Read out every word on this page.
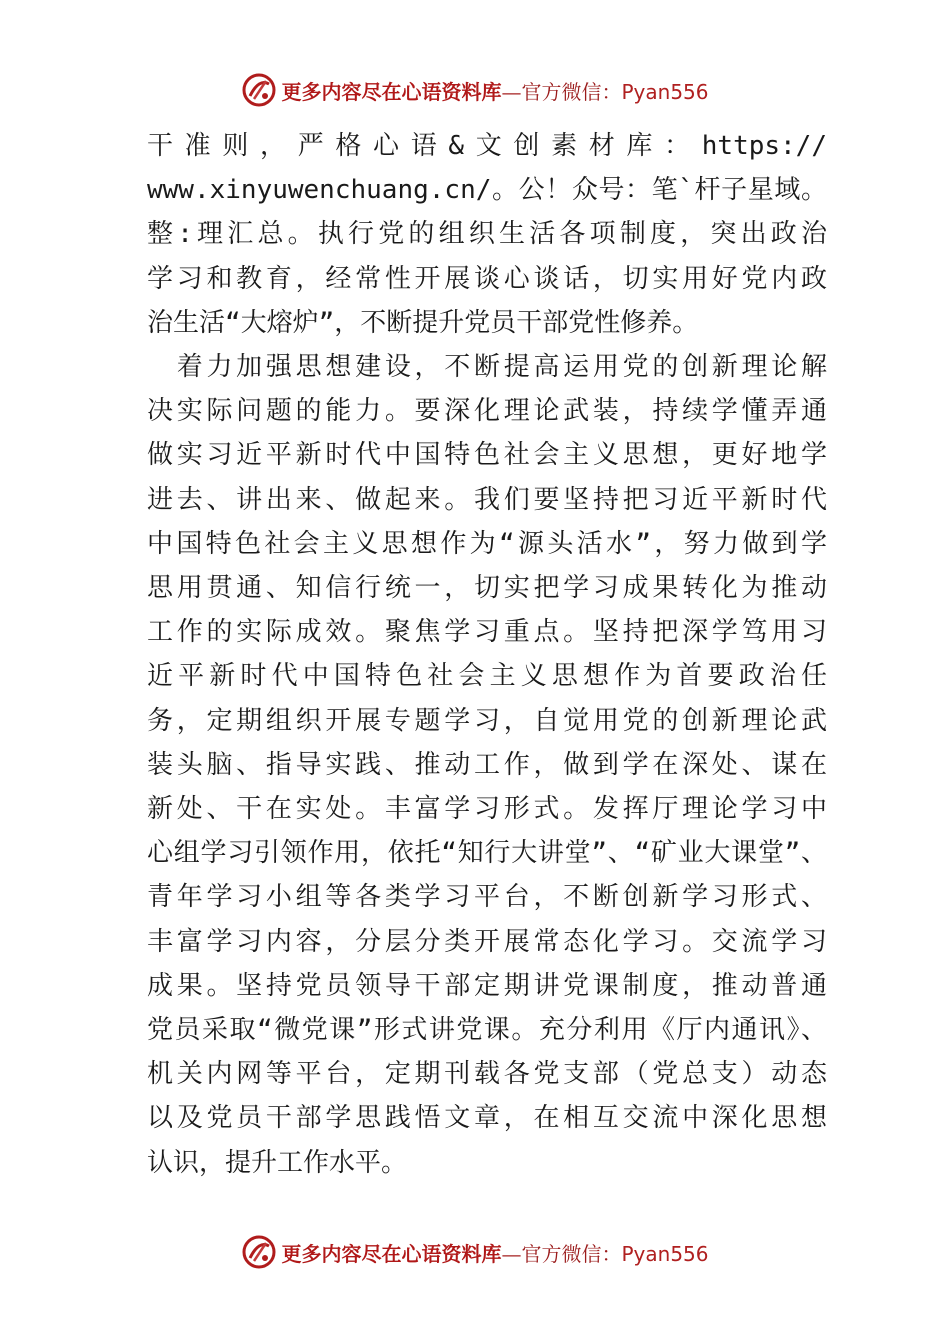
更多内容尽在心语资料库—官方微信：Pyan556

干准则，严格心语&文创素材库：https://
www.xinyuwenchuang.cn/。公！众号：笔`杆子星域。
整:理汇总。执行党的组织生活各项制度，突出政治
学习和教育，经常性开展谈心谈话，切实用好党内政
治生活“大熔炉”，不断提升党员干部党性修养。

　着力加强思想建设，不断提高运用党的创新理论解
决实际问题的能力。要深化理论武装，持续学懂弄通
做实习近平新时代中国特色社会主义思想，更好地学
进去、讲出来、做起来。我们要坚持把习近平新时代
中国特色社会主义思想作为“源头活水”，努力做到学
思用贯通、知信行统一，切实把学习成果转化为推动
工作的实际成效。聚焦学习重点。坚持把深学笃用习
近平新时代中国特色社会主义思想作为首要政治任
务，定期组织开展专题学习，自觉用党的创新理论武
装头脑、指导实践、推动工作，做到学在深处、谋在
新处、干在实处。丰富学习形式。发挥厅理论学习中
心组学习引领作用，依托“知行大讲堂”、“矿业大课堂”、
青年学习小组等各类学习平台，不断创新学习形式、
丰富学习内容，分层分类开展常态化学习。交流学习
成果。坚持党员领导干部定期讲党课制度，推动普通
党员采取“微党课”形式讲党课。充分利用《厅内通讯》、
机关内网等平台，定期刊载各党支部（党总支）动态
以及党员干部学思践悟文章，在相互交流中深化思想
认识，提升工作水平。

更多内容尽在心语资料库—官方微信：Pyan556
